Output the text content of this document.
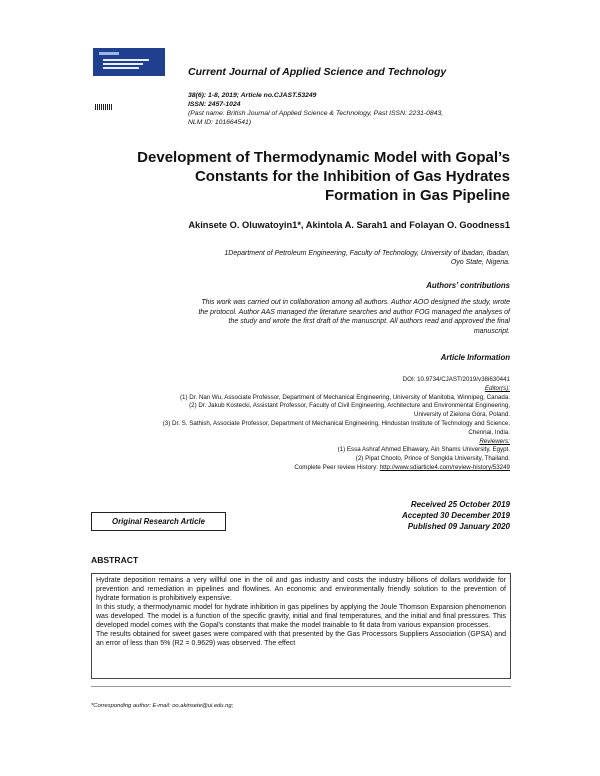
Current Journal of Applied Science and Technology
38(6): 1-8, 2019; Article no.CJAST.53249
ISSN: 2457-1024
(Past name: British Journal of Applied Science & Technology, Past ISSN: 2231-0843,
NLM ID: 101664541)
Development of Thermodynamic Model with Gopal’s
Constants for the Inhibition of Gas Hydrates
Formation in Gas Pipeline
Akinsete O. Oluwatoyin1*, Akintola A. Sarah1 and Folayan O. Goodness1
1Department of Petroleum Engineering, Faculty of Technology, University of Ibadan, Ibadan,
Oyo State, Nigeria.
Authors’ contributions
This work was carried out in collaboration among all authors. Author AOO designed the study, wrote
the protocol. Author AAS managed the literature searches and author FOG managed the analyses of
the study and wrote the first draft of the manuscript. All authors read and approved the final
manuscript.
Article Information
DOI: 10.9734/CJAST/2019/v38i630441
Editor(s):
(1) Dr. Nan Wu, Associate Professor, Department of Mechanical Engineering, University of Manitoba, Winnipeg, Canada.
(2) Dr. Jakub Kostecki, Assistant Professor, Faculty of Civil Engineering, Architecture and Environmental Engineering,
University of Zielona Góra, Poland.
(3) Dr. S. Sathish, Associate Professor, Department of Mechanical Engineering, Hindustan Institute of Technology and Science,
Chennai, India.
Reviewers:
(1) Essa Ashraf Ahmed Elhawary, Ain Shams University, Egypt.
(2) Pipat Chooto, Prince of Songkla University, Thailand.
Complete Peer review History: http://www.sdiarticle4.com/review-history/53249
Received 25 October 2019
Accepted 30 December 2019
Published 09 January 2020
Original Research Article
ABSTRACT

Hydrate deposition remains a very willful one in the oil and gas industry and costs the industry billions of dollars worldwide for prevention and remediation in pipelines and flowlines. An economic and environmentally friendly solution to the prevention of hydrate formation is prohibitively expensive.

In this study, a thermodynamic model for hydrate inhibition in gas pipelines by applying the Joule Thomson Expansion phenomenon was developed. The model is a function of the specific gravity, initial and final temperatures, and the initial and final pressures. This developed model comes with the Gopal's constants that make the model trainable to fit data from various expansion processes.

The results obtained for sweet gases were compared with that presented by the Gas Processors Suppliers Association (GPSA) and an error of less than 5% (R2 = 0.9629) was observed. The effect

*Corresponding author: E-mail: oo.akinsete@ui.edu.ng;
